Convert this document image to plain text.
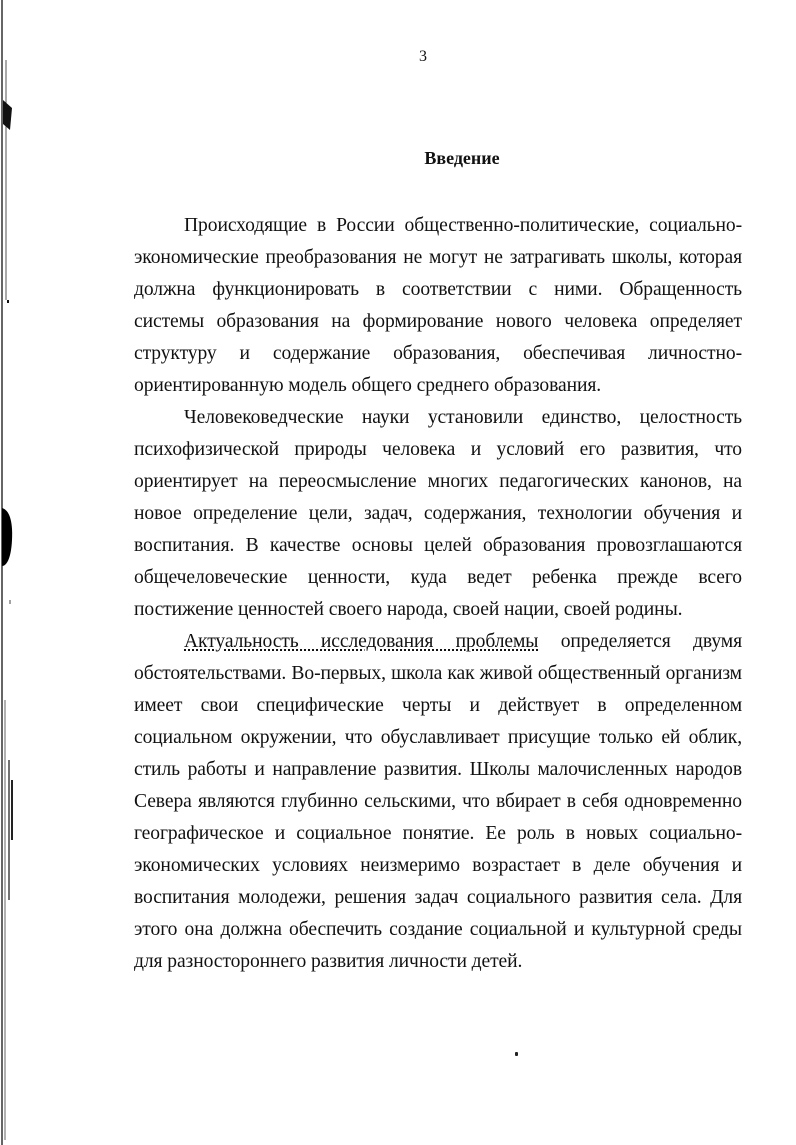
3
Введение

Происходящие в России общественно-политические, социально-экономические преобразования не могут не затрагивать школы, которая должна функционировать в соответствии с ними. Обращенность системы образования на формирование нового человека определяет структуру и содержание образования, обеспечивая личностно-ориентированную модель общего среднего образования.

Человековедческие науки установили единство, целостность психофизической природы человека и условий его развития, что ориентирует на переосмысление многих педагогических канонов, на новое определение цели, задач, содержания, технологии обучения и воспитания. В качестве основы целей образования провозглашаются общечеловеческие ценности, куда ведет ребенка прежде всего постижение ценностей своего народа, своей нации, своей родины.

Актуальность исследования проблемы определяется двумя обстоятельствами. Во-первых, школа как живой общественный организм имеет свои специфические черты и действует в определенном социальном окружении, что обуславливает присущие только ей облик, стиль работы и направление развития. Школы малочисленных народов Севера являются глубинно сельскими, что вбирает в себя одновременно географическое и социальное понятие. Ее роль в новых социально-экономических условиях неизмеримо возрастает в деле обучения и воспитания молодежи, решения задач социального развития села. Для этого она должна обеспечить создание социальной и культурной среды для разностороннего развития личности детей.
